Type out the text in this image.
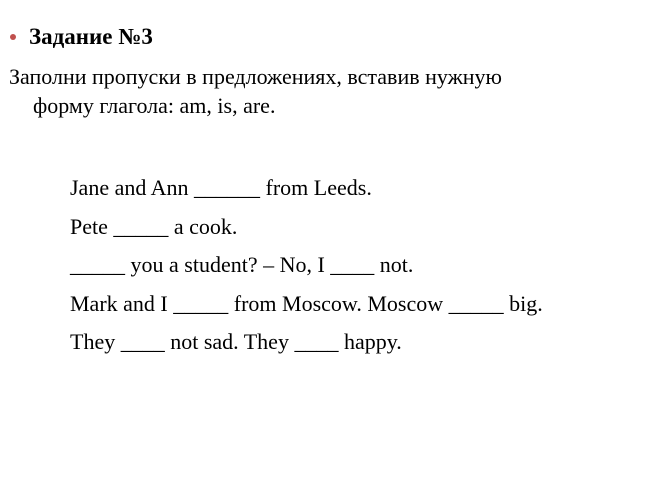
Задание №3
Заполни пропуски в предложениях, вставив нужную
форму глагола: am, is, are.
Jane and Ann ______ from Leeds.
Pete _____ a cook.
_____ you a student? – No, I ____ not.
Mark and I _____ from Moscow. Moscow _____ big.
They ____ not sad. They ____ happy.
